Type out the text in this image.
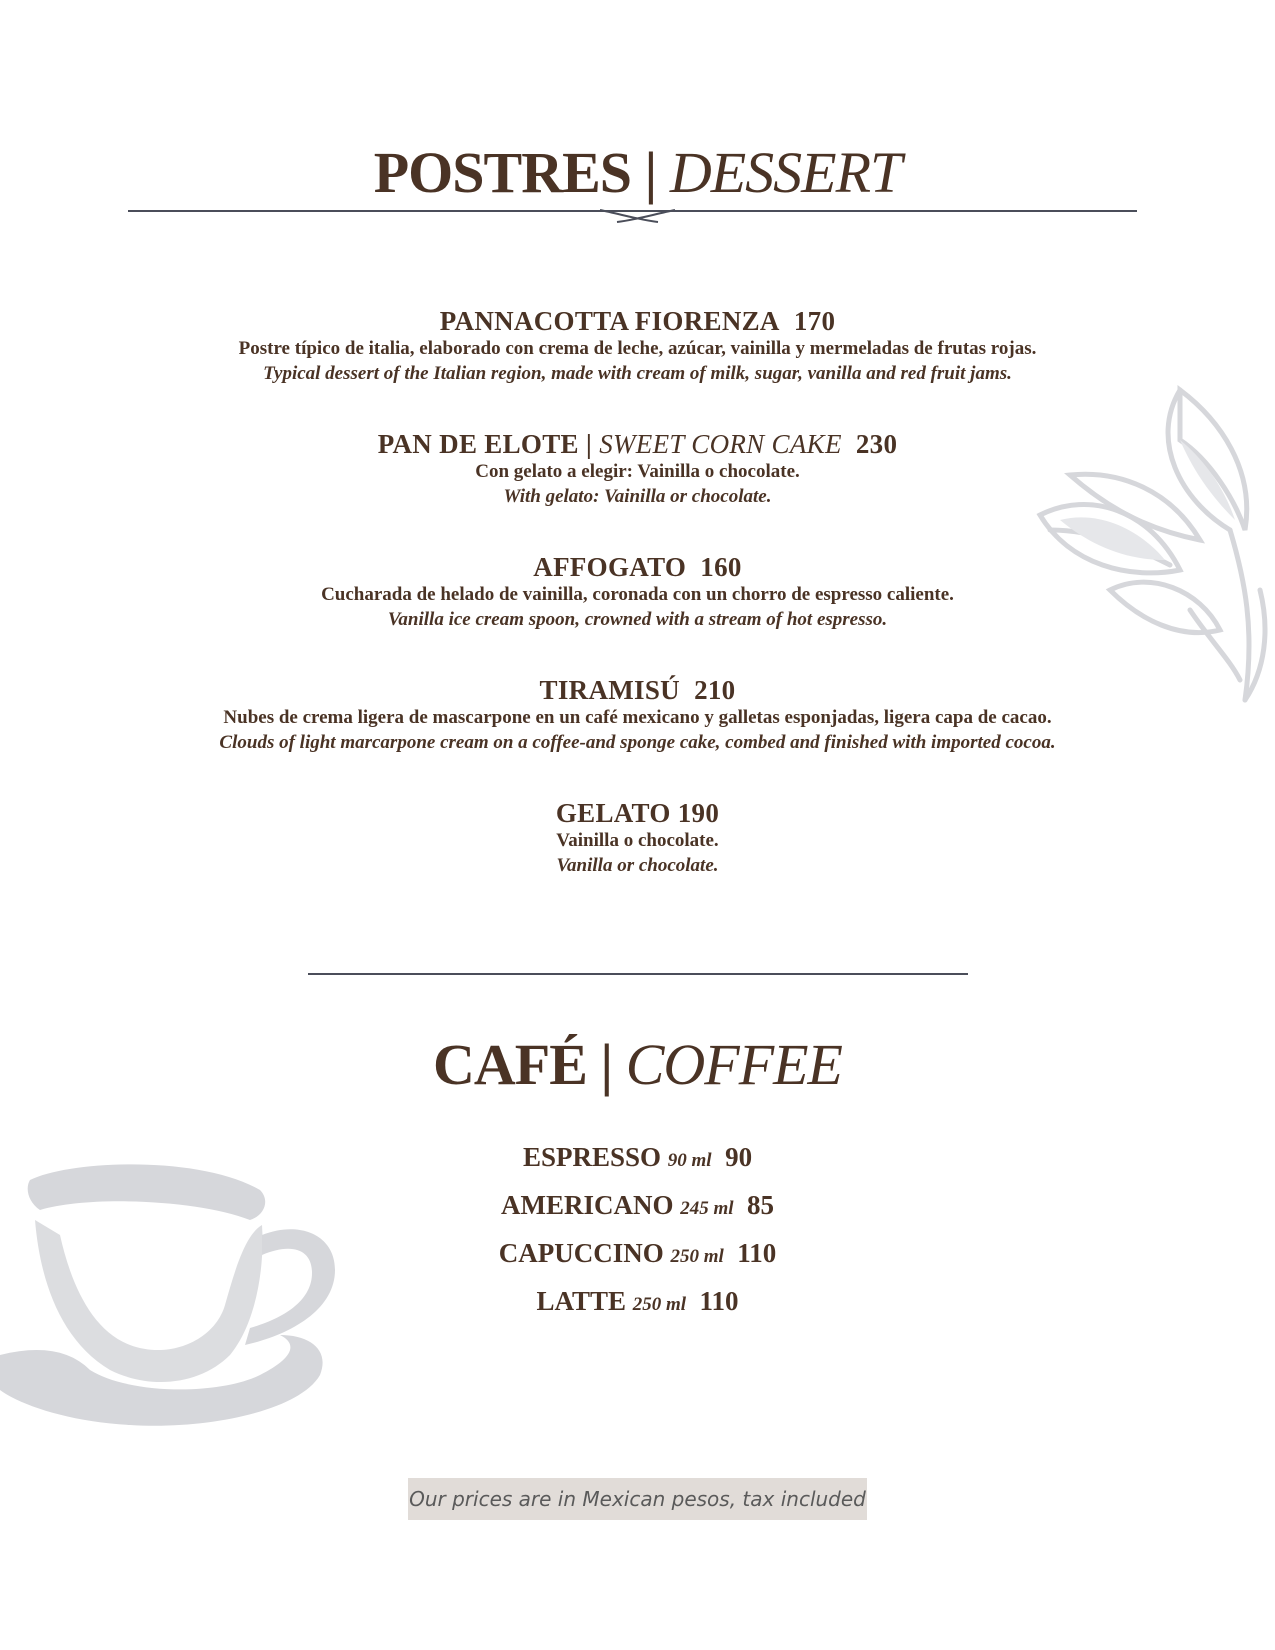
POSTRES | DESSERT
PANNACOTTA FIORENZA 170
Postre típico de italia, elaborado con crema de leche, azúcar, vainilla y mermeladas de frutas rojas.
Typical dessert of the Italian region, made with cream of milk, sugar, vanilla and red fruit jams.
PAN DE ELOTE | SWEET CORN CAKE 230
Con gelato a elegir: Vainilla o chocolate.
With gelato: Vainilla or chocolate.
AFFOGATO 160
Cucharada de helado de vainilla, coronada con un chorro de espresso caliente.
Vanilla ice cream spoon, crowned with a stream of hot espresso.
TIRAMISÚ 210
Nubes de crema ligera de mascarpone en un café mexicano y galletas esponjadas, ligera capa de cacao.
Clouds of light marcarpone cream on a coffee-and sponge cake, combed and finished with imported cocoa.
GELATO 190
Vainilla o chocolate.
Vanilla or chocolate.
CAFÉ | COFFEE
ESPRESSO 90 ml 90
AMERICANO 245 ml 85
CAPUCCINO 250 ml 110
LATTE 250 ml 110
Our prices are in Mexican pesos, tax included
